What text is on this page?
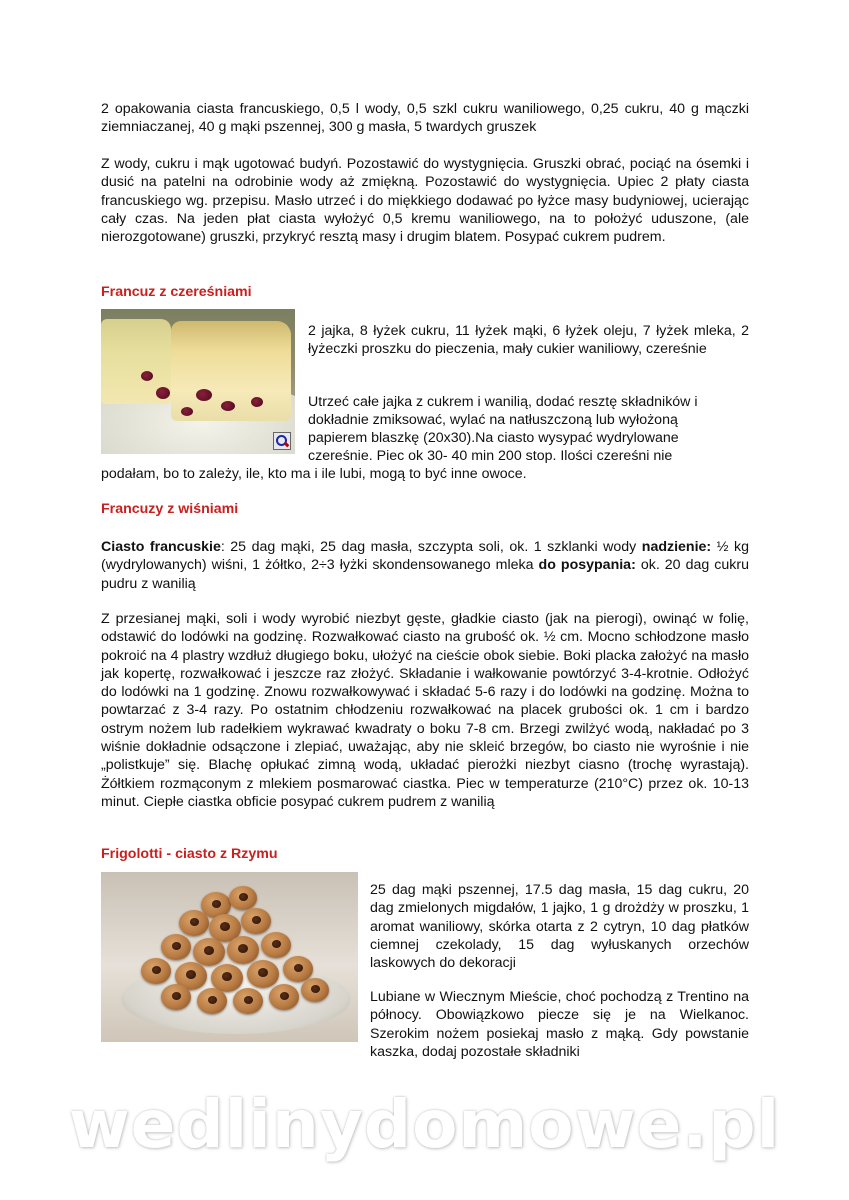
2 opakowania ciasta francuskiego, 0,5 l wody, 0,5 szkl cukru waniliowego, 0,25 cukru, 40 g mączki ziemniaczanej, 40 g mąki pszennej, 300 g masła, 5 twardych gruszek

Z wody, cukru i mąk ugotować budyń. Pozostawić do wystygnięcia. Gruszki obrać, pociąć na ósemki i dusić na patelni na odrobinie wody aż zmiękną. Pozostawić do wystygnięcia. Upiec 2 płaty ciasta francuskiego wg. przepisu. Masło utrzeć i do miękkiego dodawać po łyżce masy budyniowej, ucierając cały czas. Na jeden płat ciasta wyłożyć 0,5 kremu waniliowego, na to położyć uduszone, (ale nierozgotowane) gruszki, przykryć resztą masy i drugim blatem. Posypać cukrem pudrem.

Francuz z czereśniami

2 jajka, 8 łyżek cukru, 11 łyżek mąki, 6 łyżek oleju, 7 łyżek mleka, 2 łyżeczki proszku do pieczenia, mały cukier waniliowy, czereśnie

Utrzeć całe jajka z cukrem i wanilią, dodać resztę składników i

dokładnie zmiksować, wylać na natłuszczoną lub wyłożoną

papierem blaszkę (20x30).Na ciasto wysypać wydrylowane

czereśnie. Piec ok 30- 40 min 200 stop. Ilości czereśni nie

podałam, bo to zależy, ile, kto ma i ile lubi, mogą to być inne owoce.

Francuzy z wiśniami

Ciasto francuskie: 25 dag mąki, 25 dag masła, szczypta soli, ok. 1 szklanki wody nadzienie: ½ kg (wydrylowanych) wiśni, 1 żółtko, 2÷3 łyżki skondensowanego mleka do posypania: ok. 20 dag cukru pudru z wanilią

Z przesianej mąki, soli i wody wyrobić niezbyt gęste, gładkie ciasto (jak na pierogi), owinąć w folię, odstawić do lodówki na godzinę. Rozwałkować ciasto na grubość ok. ½ cm. Mocno schłodzone masło pokroić na 4 plastry wzdłuż długiego boku, ułożyć na cieście obok siebie. Boki placka założyć na masło jak kopertę, rozwałkować i jeszcze raz złożyć. Składanie i wałkowanie powtórzyć 3-4-krotnie. Odłożyć do lodówki na 1 godzinę. Znowu rozwałkowywać i składać 5-6 razy i do lodówki na godzinę. Można to powtarzać z 3-4 razy. Po ostatnim chłodzeniu rozwałkować na placek grubości ok. 1 cm i bardzo ostrym nożem lub radełkiem wykrawać kwadraty o boku 7-8 cm. Brzegi zwilżyć wodą, nakładać po 3 wiśnie dokładnie odsączone i zlepiać, uważając, aby nie skleić brzegów, bo ciasto nie wyrośnie i nie „polistkuje” się. Blachę opłukać zimną wodą, układać pierożki niezbyt ciasno (trochę wyrastają). Żółtkiem rozmąconym z mlekiem posmarować ciastka. Piec w temperaturze (210°C) przez ok. 10-13 minut. Ciepłe ciastka obficie posypać cukrem pudrem z wanilią

Frigolotti - ciasto z Rzymu

25 dag mąki pszennej, 17.5 dag masła, 15 dag cukru, 20 dag zmielonych migdałów, 1 jajko, 1 g drożdży w proszku, 1 aromat waniliowy, skórka otarta z 2 cytryn, 10 dag płatków ciemnej czekolady, 15 dag wyłuskanych orzechów laskowych do dekoracji

Lubiane w Wiecznym Mieście, choć pochodzą z Trentino na północy. Obowiązkowo piecze się je na Wielkanoc. Szerokim nożem posiekaj masło z mąką. Gdy powstanie kaszka, dodaj pozostałe składniki

wedlinydomowe.pl
